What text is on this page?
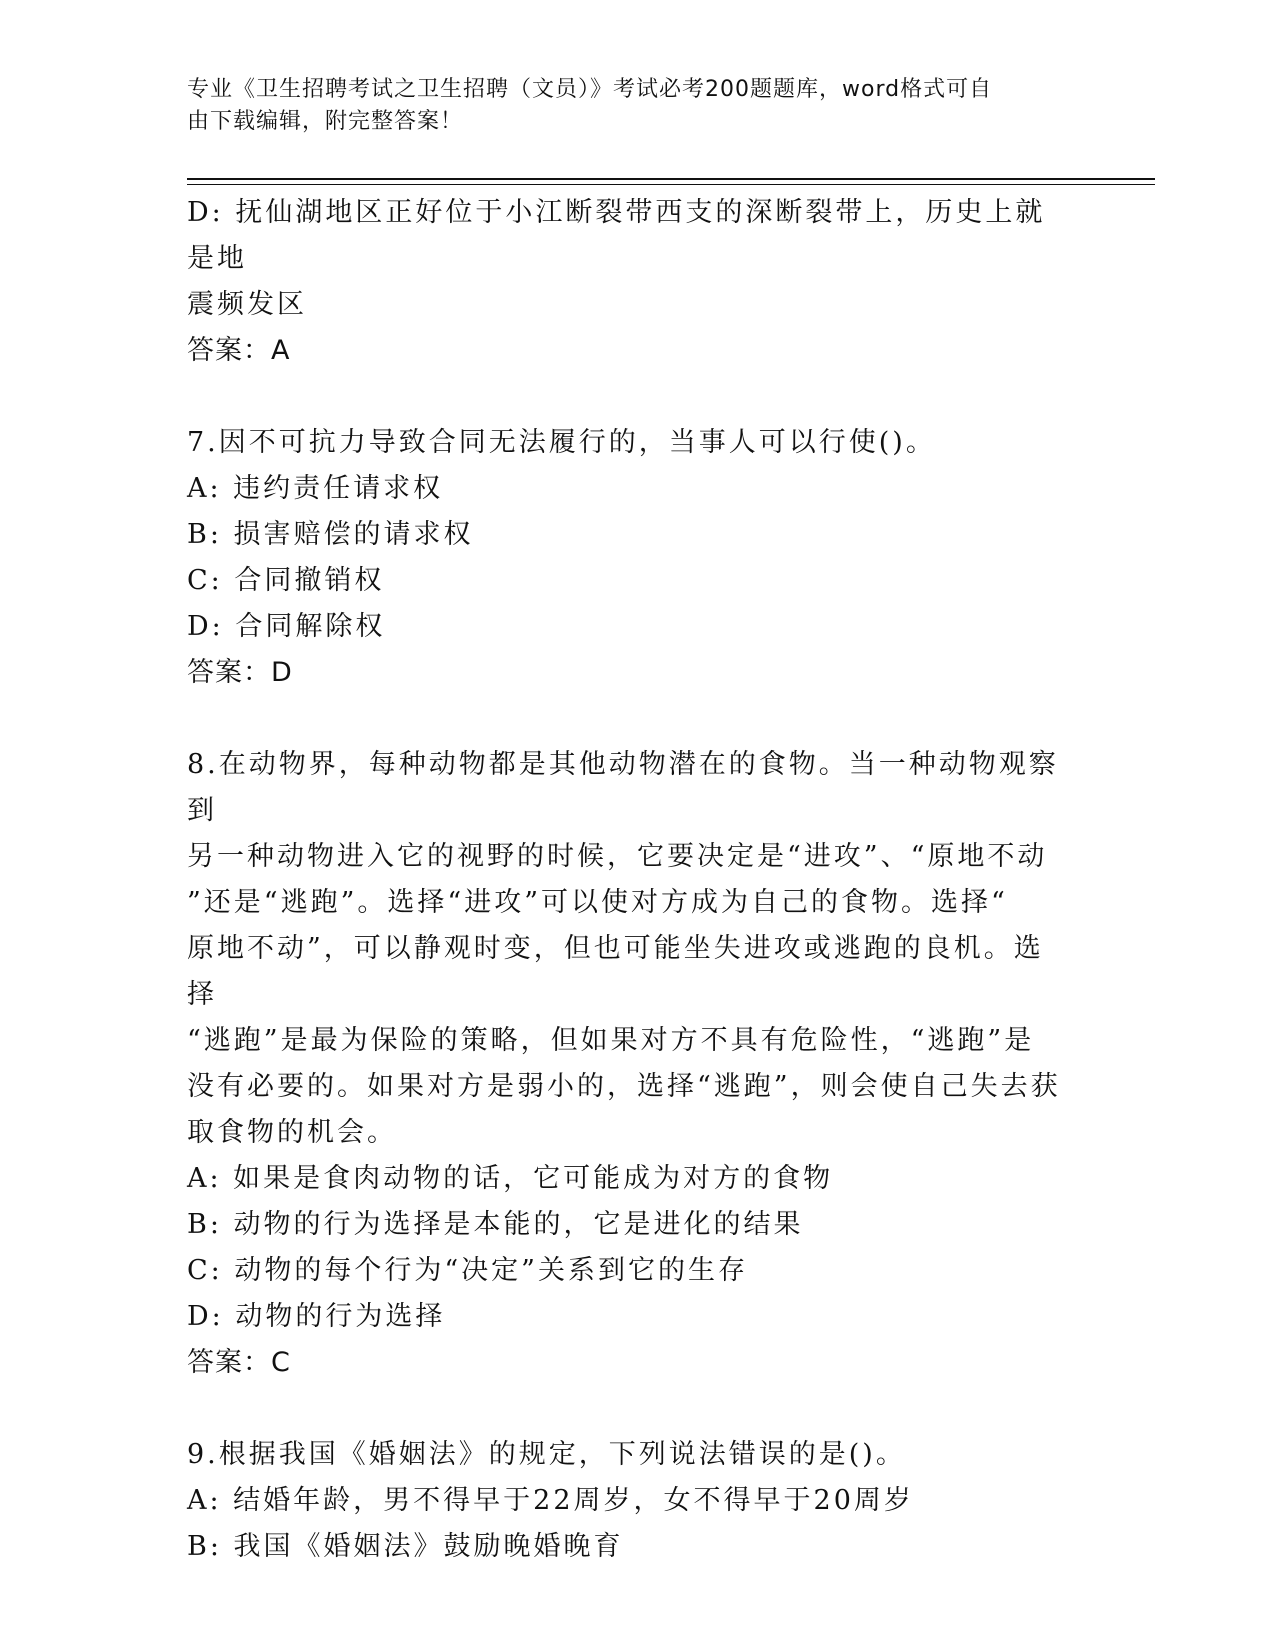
专业《卫生招聘考试之卫生招聘（文员）》考试必考200题题库，word格式可自
由下载编辑，附完整答案！
D: 抚仙湖地区正好位于小江断裂带西支的深断裂带上，历史上就是地
震频发区
答案：A
7.因不可抗力导致合同无法履行的，当事人可以行使()。
A: 违约责任请求权
B: 损害赔偿的请求权
C: 合同撤销权
D: 合同解除权
答案：D
8.在动物界，每种动物都是其他动物潜在的食物。当一种动物观察到
另一种动物进入它的视野的时候，它要决定是“进攻”、“原地不动
”还是“逃跑”。选择“进攻”可以使对方成为自己的食物。选择“
原地不动”，可以静观时变，但也可能坐失进攻或逃跑的良机。选择
“逃跑”是最为保险的策略，但如果对方不具有危险性，“逃跑”是
没有必要的。如果对方是弱小的，选择“逃跑”，则会使自己失去获
取食物的机会。
A: 如果是食肉动物的话，它可能成为对方的食物
B: 动物的行为选择是本能的，它是进化的结果
C: 动物的每个行为“决定”关系到它的生存
D: 动物的行为选择
答案：C
9.根据我国《婚姻法》的规定，下列说法错误的是()。
A: 结婚年龄，男不得早于22周岁，女不得早于20周岁
B: 我国《婚姻法》鼓励晚婚晚育
